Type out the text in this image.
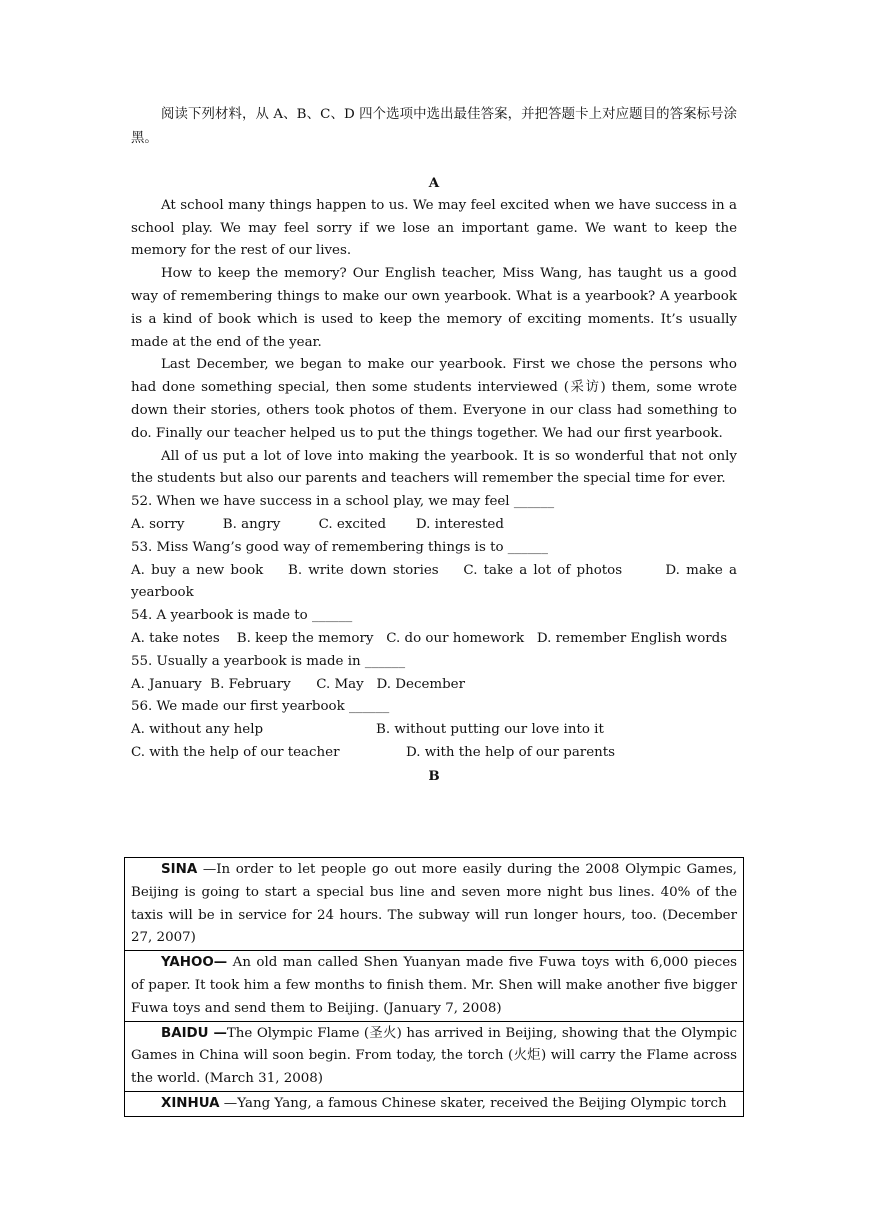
阅读下列材料，从 A、B、C、D 四个选项中选出最佳答案，并把答题卡上对应题目的答案标号涂黑。

A

At school many things happen to us. We may feel excited when we have success in a school play. We may feel sorry if we lose an important game. We want to keep the memory for the rest of our lives.

How to keep the memory? Our English teacher, Miss Wang, has taught us a good way of remembering things to make our own yearbook. What is a yearbook? A yearbook is a kind of book which is used to keep the memory of exciting moments. It’s usually made at the end of the year.

Last December, we began to make our yearbook. First we chose the persons who had done something special, then some students interviewed (采访) them, some wrote down their stories, others took photos of them. Everyone in our class had something to do. Finally our teacher helped us to put the things together. We had our first yearbook.

All of us put a lot of love into making the yearbook. It is so wonderful that not only the students but also our parents and teachers will remember the special time for ever.

52. When we have success in a school play, we may feel ______

A. sorry	B. angry	C. excited D. interested

53. Miss Wang’s good way of remembering things is to ______

A. buy a new book B. write down stories C. take a lot of photos	D. make a yearbook

54. A yearbook is made to ______

A. take notes B. keep the memory C. do our homework D. remember English words

55. Usually a yearbook is made in ______

A. January B. February C. May D. December

56. We made our first yearbook ______

A. without any help	B. without putting our love into it

C. with the help of our teacher	D. with the help of our parents

B

SINA —In order to let people go out more easily during the 2008 Olympic Games, Beijing is going to start a special bus line and seven more night bus lines. 40% of the taxis will be in service for 24 hours. The subway will run longer hours, too. (December 27, 2007)
YAHOO— An old man called Shen Yuanyan made five Fuwa toys with 6,000 pieces of paper. It took him a few months to finish them. Mr. Shen will make another five bigger Fuwa toys and send them to Beijing. (January 7, 2008)
BAIDU —The Olympic Flame (圣火) has arrived in Beijing, showing that the Olympic Games in China will soon begin. From today, the torch (火炬) will carry the Flame across the world. (March 31, 2008)
XINHUA —Yang Yang, a famous Chinese skater, received the Beijing Olympic torch
